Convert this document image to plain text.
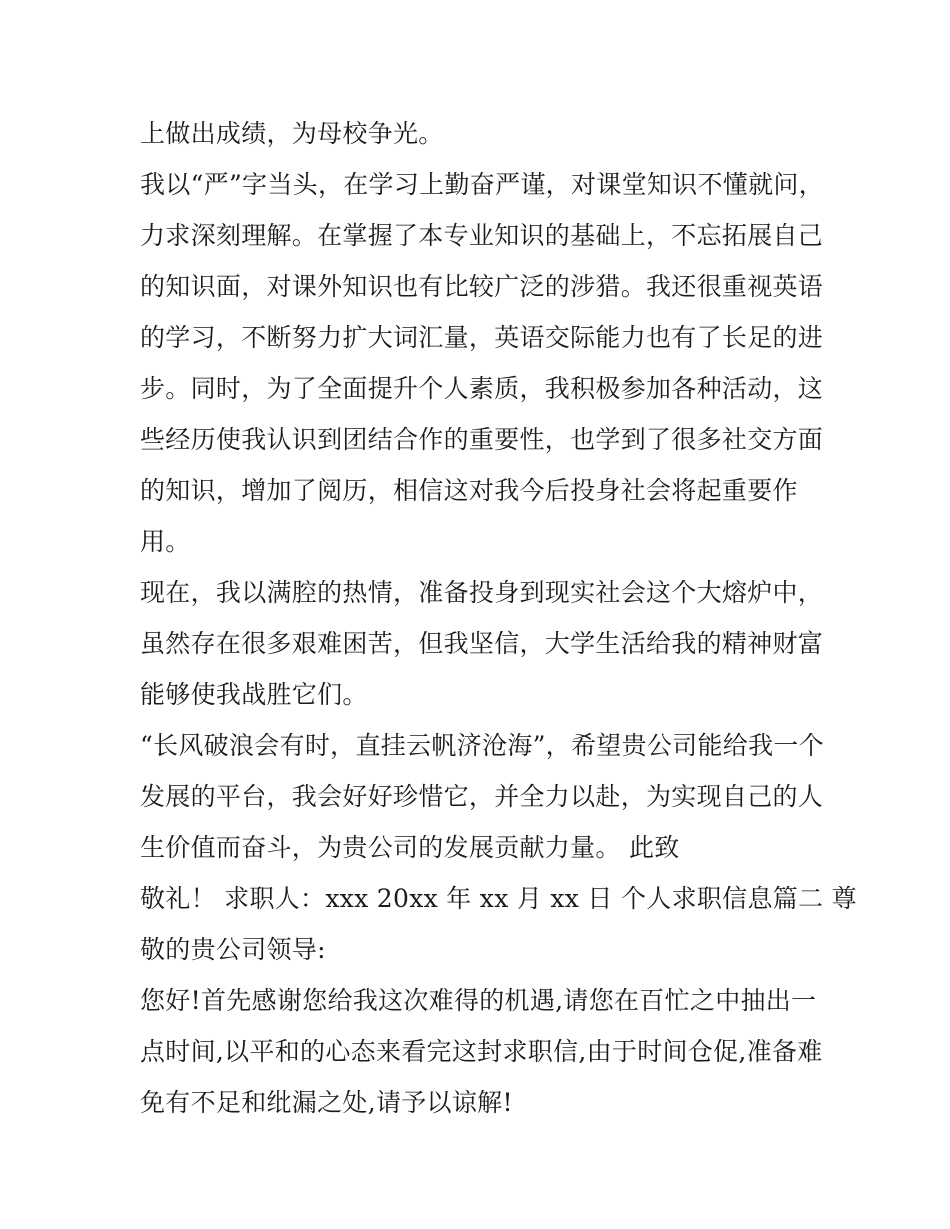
上做出成绩，为母校争光。
我以“严”字当头，在学习上勤奋严谨，对课堂知识不懂就问，
力求深刻理解。在掌握了本专业知识的基础上，不忘拓展自己
的知识面，对课外知识也有比较广泛的涉猎。我还很重视英语
的学习，不断努力扩大词汇量，英语交际能力也有了长足的进
步。同时，为了全面提升个人素质，我积极参加各种活动，这
些经历使我认识到团结合作的重要性，也学到了很多社交方面
的知识，增加了阅历，相信这对我今后投身社会将起重要作
用。
现在，我以满腔的热情，准备投身到现实社会这个大熔炉中，
虽然存在很多艰难困苦，但我坚信，大学生活给我的精神财富
能够使我战胜它们。
“长风破浪会有时，直挂云帆济沧海”，希望贵公司能给我一个
发展的平台，我会好好珍惜它，并全力以赴，为实现自己的人
生价值而奋斗，为贵公司的发展贡献力量。 此致
敬礼！ 求职人：xxx 20xx 年 xx 月 xx 日 个人求职信息篇二 尊
敬的贵公司领导:
您好!首先感谢您给我这次难得的机遇,请您在百忙之中抽出一
点时间,以平和的心态来看完这封求职信,由于时间仓促,准备难
免有不足和纰漏之处,请予以谅解!
